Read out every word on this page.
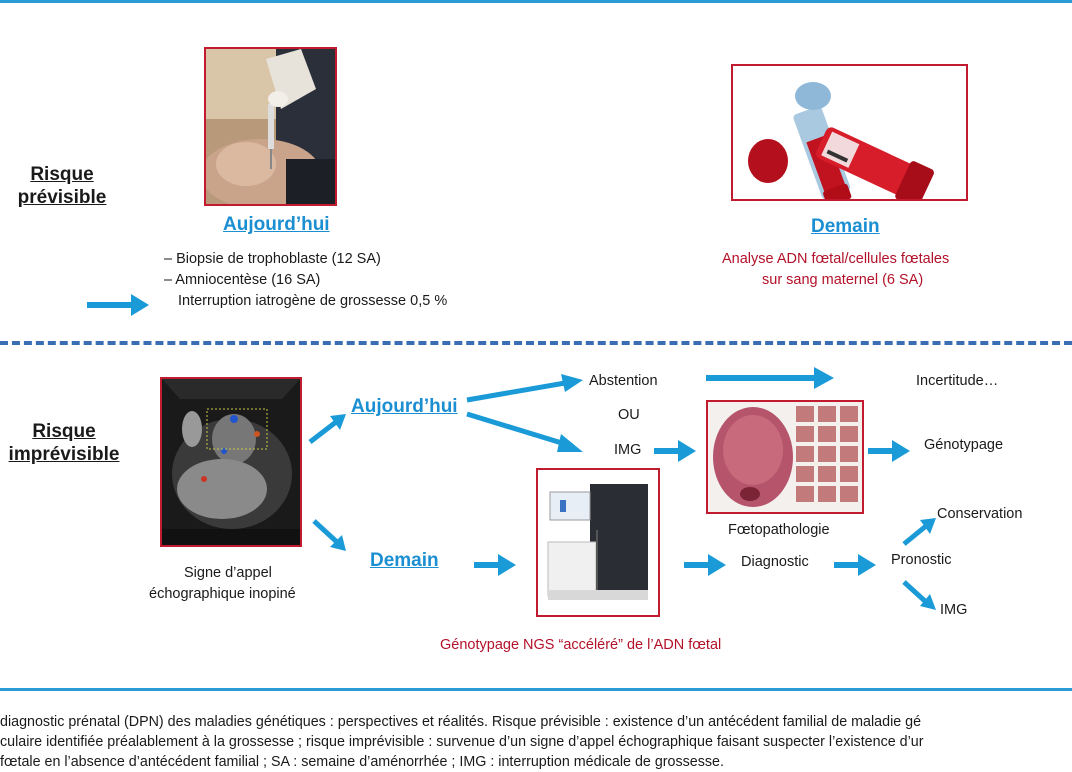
Risque
prévisible
Aujourd’hui
– Biopsie de trophoblaste (12 SA)
– Amniocentèse (16 SA)
Interruption iatrogène de grossesse 0,5 %
Demain
Analyse ADN fœtal/cellules fœtales
sur sang maternel (6 SA)
Risque
imprévisible
Signe d’appel
échographique inopiné
Aujourd’hui
Demain
Abstention
OU
IMG
Incertitude…
Fœtopathologie
Génotypage
Génotypage NGS “accéléré” de l’ADN fœtal
Diagnostic	Pronostic
Conservation
IMG
diagnostic prénatal (DPN) des maladies génétiques : perspectives et réalités. Risque prévisible : existence d’un antécédent familial de maladie gé
culaire identifiée préalablement à la grossesse ; risque imprévisible : survenue d’un signe d’appel échographique faisant suspecter l’existence d’ur
fœtale en l’absence d’antécédent familial ; SA : semaine d’aménorrhée ; IMG : interruption médicale de grossesse.
